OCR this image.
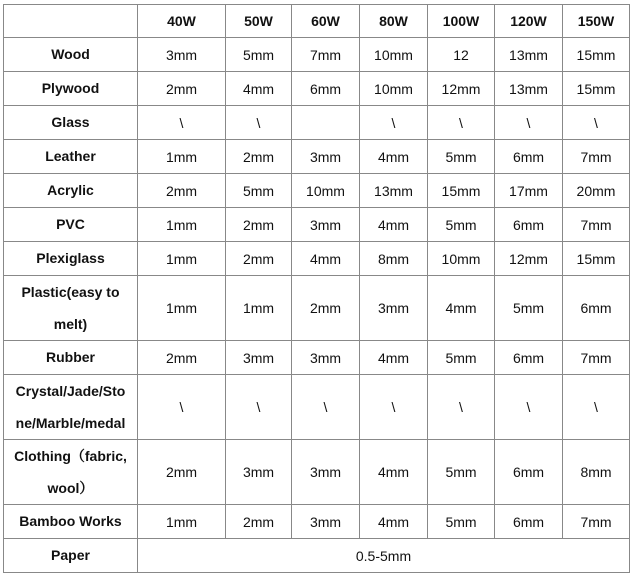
	40W	50W	60W	80W	100W	120W	150W
Wood	3mm	5mm	7mm	10mm	12	13mm	15mm
Plywood	2mm	4mm	6mm	10mm	12mm	13mm	15mm
Glass	\	\		\	\	\	\
Leather	1mm	2mm	3mm	4mm	5mm	6mm	7mm
Acrylic	2mm	5mm	10mm	13mm	15mm	17mm	20mm
PVC	1mm	2mm	3mm	4mm	5mm	6mm	7mm
Plexiglass	1mm	2mm	4mm	8mm	10mm	12mm	15mm

Plastic(easy to
melt)	1mm	1mm	2mm	3mm	4mm	5mm	6mm
Rubber	2mm	3mm	3mm	4mm	5mm	6mm	7mm

Crystal/Jade/Sto
ne/Marble/medal	\	\	\	\	\	\	\

Clothing（fabric,
wool）	2mm	3mm	3mm	4mm	5mm	6mm	8mm
Bamboo Works	1mm	2mm	3mm	4mm	5mm	6mm	7mm
Paper	0.5-5mm						
